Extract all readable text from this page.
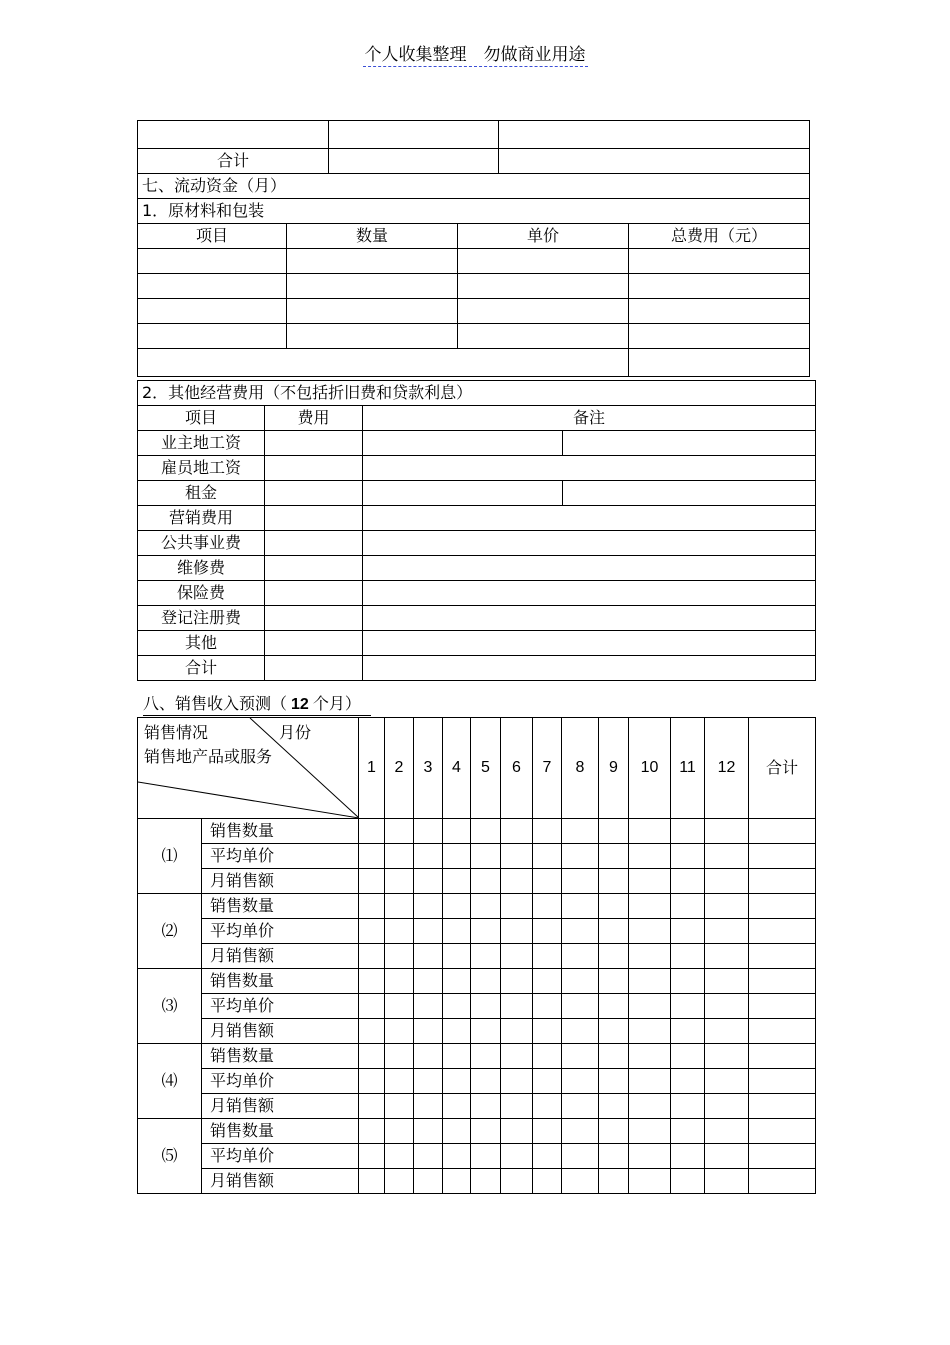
个人收集整理　勿做商业用途

合计					
七、流动资金（月）					
1．原材料和包装					
项目	数量		单价		总费用（元）

2．其他经营费用（不包括折旧费和贷款利息）			
项目	费用	备注	
业主地工资			
雇员地工资			
租金			
营销费用			
公共事业费			
维修费			
保险费			
登记注册费			
其他			
合计			
八、销售收入预测（ 12 个月）
月份
销售情况
销售地产品或服务		1	2	3	4	5	6	7	8	9	10	11	12	合计
⑴	销售数量													
	平均单价													
	月销售额													
⑵	销售数量													
	平均单价													
	月销售额													
⑶	销售数量													
	平均单价													
	月销售额													
⑷	销售数量													
	平均单价													
	月销售额													
⑸	销售数量													
	平均单价													
	月销售额													
